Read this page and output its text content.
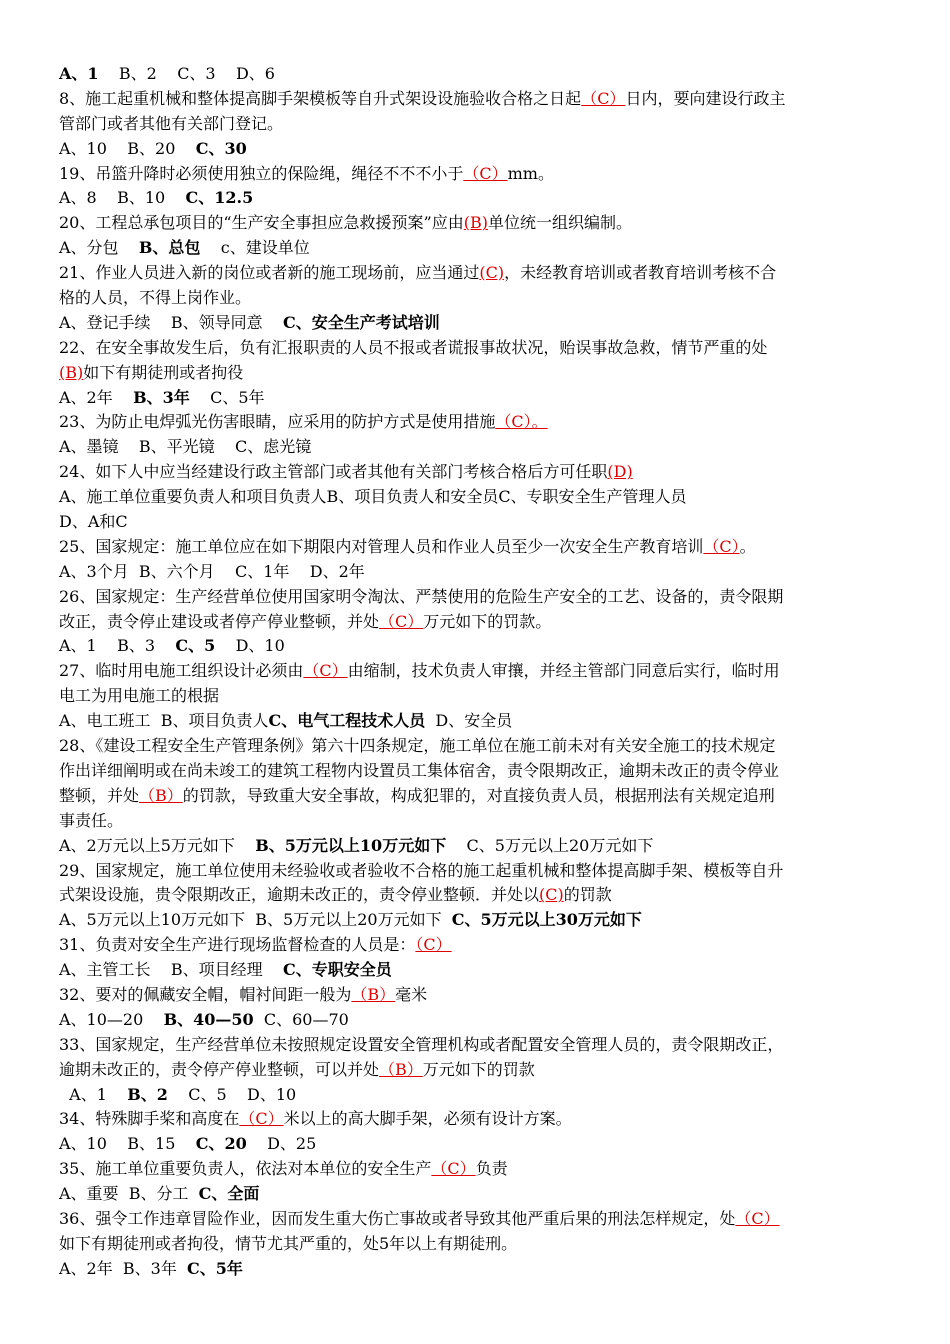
A、1    B、2    C、3    D、6
8、施工起重机械和整体提高脚手架模板等自升式架设设施验收合格之日起（C）日内，要向建设行政主
管部门或者其他有关部门登记。
A、10    B、20    C、30
19、吊篮升降时必须使用独立的保险绳，绳径不不不小于（C）mm。
A、8    B、10    C、12.5
20、工程总承包项目的“生产安全事担应急救援预案”应由(B)单位统一组织编制。
A、分包    B、总包    c、建设单位
21、作业人员进入新的岗位或者新的施工现场前，应当通过(C)，未经教育培训或者教育培训考核不合
格的人员，不得上岗作业。
A、登记手续    B、领导同意    C、安全生产考试培训
22、在安全事故发生后，负有汇报职责的人员不报或者谎报事故状况，贻误事故急救，情节严重的处
(B)如下有期徒刑或者拘役
A、2年    B、3年    C、5年
23、为防止电焊弧光伤害眼睛，应采用的防护方式是使用措施（C）。
A、墨镜    B、平光镜    C、虑光镜
24、如下人中应当经建设行政主管部门或者其他有关部门考核合格后方可任职(D)
A、施工单位重要负责人和项目负责人B、项目负责人和安全员C、专职安全生产管理人员
D、A和C
25、国家规定：施工单位应在如下期限内对管理人员和作业人员至少一次安全生产教育培训（C）。
A、3个月  B、六个月    C、1年    D、2年
26、国家规定：生产经营单位使用国家明令淘汰、严禁使用的危险生产安全的工艺、设备的，责令限期
改正，责令停止建设或者停产停业整顿，并处（C）万元如下的罚款。
A、1    B、3    C、5    D、10
27、临时用电施工组织设计必须由（C）由缩制，技术负责人审攘，并经主管部门同意后实行，临时用
电工为用电施工的根据
A、电工班工  B、项目负责人C、电气工程技术人员  D、安全员
28、《建设工程安全生产管理条例》第六十四条规定，施工单位在施工前未对有关安全施工的技术规定
作出详细阐明或在尚未竣工的建筑工程物内设置员工集体宿舍，责令限期改正，逾期未改正的责令停业
整顿，并处（B）的罚款，导致重大安全事故，构成犯罪的，对直接负责人员，根据刑法有关规定追刑
事责任。
A、2万元以上5万元如下    B、5万元以上10万元如下    C、5万元以上20万元如下
29、国家规定，施工单位使用未经验收或者验收不合格的施工起重机械和整体提高脚手架、模板等自升
式架设设施，贵令限期改正，逾期未改正的，责令停业整顿．并处以(C)的罚款
A、5万元以上10万元如下  B、5万元以上20万元如下  C、5万元以上30万元如下
31、负责对安全生产进行现场监督检查的人员是：（C）
A、主管工长    B、项目经理    C、专职安全员
32、要对的佩藏安全帽，帽衬间距一般为（B）毫米
A、10—20    B、40—50  C、60—70
33、国家规定，生产经营单位未按照规定设置安全管理机构或者配置安全管理人员的，责令限期改正，
逾期未改正的，责令停产停业整顿，可以并处（B）万元如下的罚款
A、1    B、2    C、5    D、10
34、特殊脚手桨和高度在（C）米以上的高大脚手架，必须有设计方案。
A、10    B、15    C、20    D、25
35、施工单位重要负责人，依法对本单位的安全生产（C）负责
A、重要  B、分工  C、全面
36、强令工作违章冒险作业，因而发生重大伤亡事故或者导致其他严重后果的刑法怎样规定，处（C）
如下有期徒刑或者拘役，情节尤其严重的，处5年以上有期徒刑。
A、2年  B、3年  C、5年
